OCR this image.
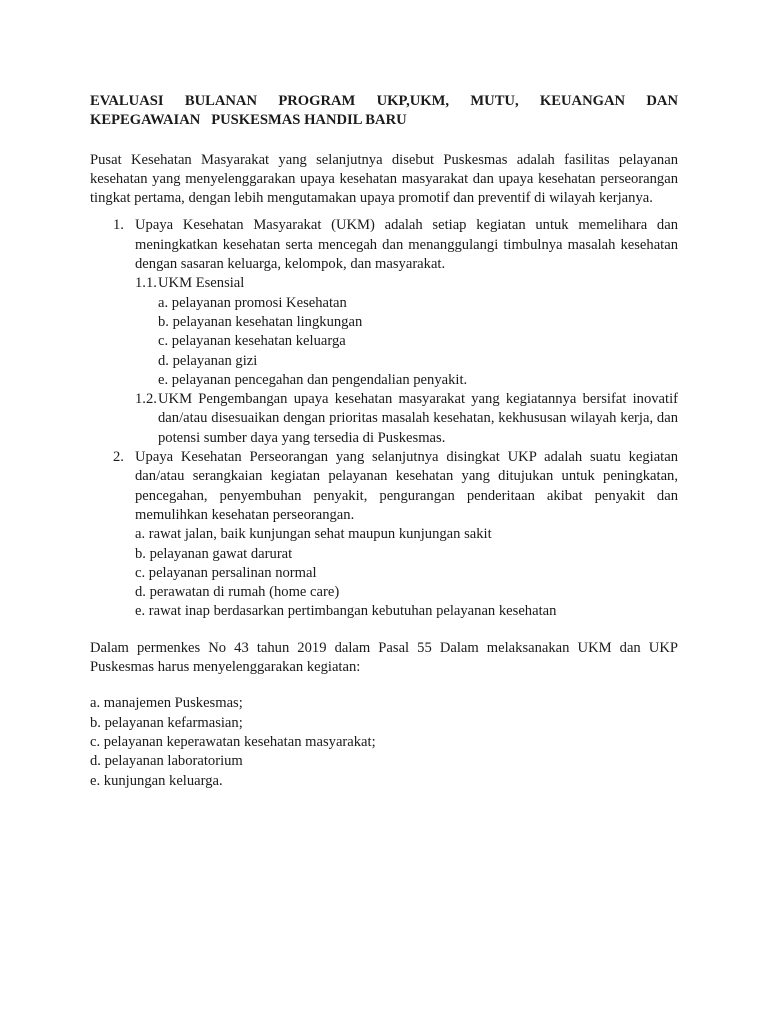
EVALUASI BULANAN PROGRAM UKP,UKM, MUTU, KEUANGAN DAN
KEPEGAWAIAN   PUSKESMAS HANDIL BARU

Pusat Kesehatan Masyarakat yang selanjutnya disebut Puskesmas adalah fasilitas pelayanan kesehatan yang menyelenggarakan upaya kesehatan masyarakat dan upaya kesehatan perseorangan tingkat pertama, dengan lebih mengutamakan upaya promotif dan preventif di wilayah kerjanya.

1. Upaya Kesehatan Masyarakat (UKM) adalah setiap kegiatan untuk memelihara dan meningkatkan kesehatan serta mencegah dan menanggulangi timbulnya masalah kesehatan dengan sasaran keluarga, kelompok, dan masyarakat.

1.1. UKM Esensial
a. pelayanan promosi Kesehatan
b. pelayanan kesehatan lingkungan
c. pelayanan kesehatan keluarga
d. pelayanan gizi
e. pelayanan pencegahan dan pengendalian penyakit.
1.2. UKM Pengembangan upaya kesehatan masyarakat yang kegiatannya bersifat inovatif dan/atau disesuaikan dengan prioritas masalah kesehatan, kekhususan wilayah kerja, dan potensi sumber daya yang tersedia di Puskesmas.

2. Upaya Kesehatan Perseorangan yang selanjutnya disingkat UKP adalah suatu kegiatan dan/atau serangkaian kegiatan pelayanan kesehatan yang ditujukan untuk peningkatan, pencegahan, penyembuhan penyakit, pengurangan penderitaan akibat penyakit dan memulihkan kesehatan perseorangan.

a. rawat jalan, baik kunjungan sehat maupun kunjungan sakit
b. pelayanan gawat darurat
c. pelayanan persalinan normal
d. perawatan di rumah (home care)
e. rawat inap berdasarkan pertimbangan kebutuhan pelayanan kesehatan

Dalam permenkes No 43 tahun 2019 dalam Pasal 55 Dalam melaksanakan UKM dan UKP Puskesmas harus menyelenggarakan kegiatan:

a. manajemen Puskesmas;
b. pelayanan kefarmasian;
c. pelayanan keperawatan kesehatan masyarakat;
d. pelayanan laboratorium
e. kunjungan keluarga.
